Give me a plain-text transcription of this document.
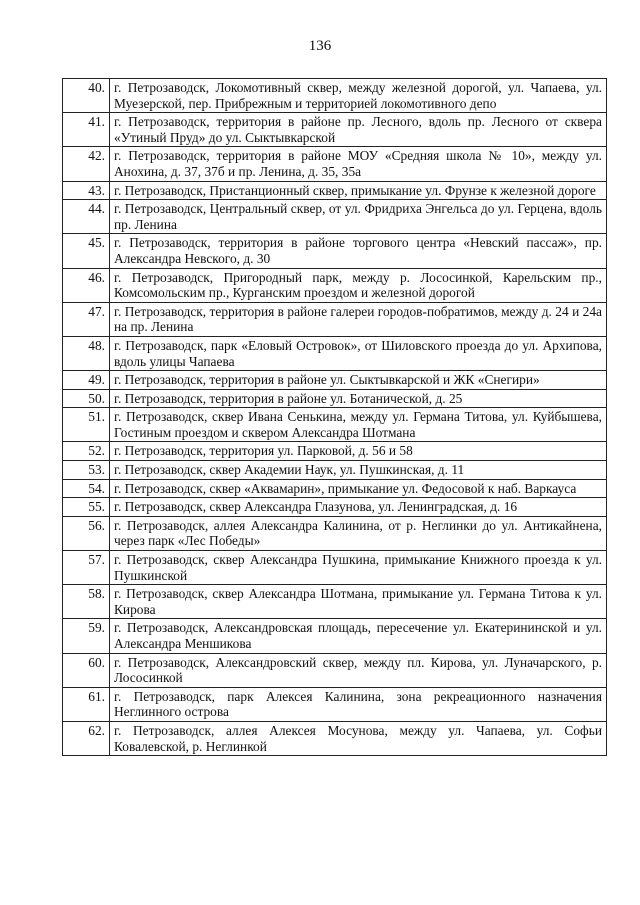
136
40.	г. Петрозаводск, Локомотивный сквер, между железной дорогой, ул. Чапаева, ул. Муезерской, пер. Прибрежным и территорией локомотивного депо
41.	г. Петрозаводск, территория в районе пр. Лесного, вдоль пр. Лесного от сквера «Утиный Пруд» до ул. Сыктывкарской
42.	г. Петрозаводск, территория в районе МОУ «Средняя школа № 10», между ул. Анохина, д. 37, 37б и пр. Ленина, д. 35, 35а
43.	г. Петрозаводск, Пристанционный сквер, примыкание ул. Фрунзе к железной дороге
44.	г. Петрозаводск, Центральный сквер, от ул. Фридриха Энгельса до ул. Герцена, вдоль пр. Ленина
45.	г. Петрозаводск, территория в районе торгового центра «Невский пассаж», пр. Александра Невского, д. 30
46.	г. Петрозаводск, Пригородный парк, между р. Лососинкой, Карельским пр., Комсомольским пр., Курганским проездом и железной дорогой
47.	г. Петрозаводск, территория в районе галереи городов-побратимов, между д. 24 и 24а на пр. Ленина
48.	г. Петрозаводск, парк «Еловый Островок», от Шиловского проезда до ул. Архипова, вдоль улицы Чапаева
49.	г. Петрозаводск, территория в районе ул. Сыктывкарской и ЖК «Снегири»
50.	г. Петрозаводск, территория в районе ул. Ботанической, д. 25
51.	г. Петрозаводск, сквер Ивана Сенькина, между ул. Германа Титова, ул. Куйбышева, Гостиным проездом и сквером Александра Шотмана
52.	г. Петрозаводск, территория ул. Парковой, д. 56 и 58
53.	г. Петрозаводск, сквер Академии Наук, ул. Пушкинская, д. 11
54.	г. Петрозаводск, сквер «Аквамарин», примыкание ул. Федосовой к наб. Варкауса
55.	г. Петрозаводск, сквер Александра Глазунова, ул. Ленинградская, д. 16
56.	г. Петрозаводск, аллея Александра Калинина, от р. Неглинки до ул. Антикайнена, через парк «Лес Победы»
57.	г. Петрозаводск, сквер Александра Пушкина, примыкание Книжного проезда к ул. Пушкинской
58.	г. Петрозаводск, сквер Александра Шотмана, примыкание ул. Германа Титова к ул. Кирова
59.	г. Петрозаводск, Александровская площадь, пересечение ул. Екатерининской и ул. Александра Меншикова
60.	г. Петрозаводск, Александровский сквер, между пл. Кирова, ул. Луначарского, р. Лососинкой
61.	г. Петрозаводск, парк Алексея Калинина, зона рекреационного назначения Неглинного острова
62.	г. Петрозаводск, аллея Алексея Мосунова, между ул. Чапаева, ул. Софьи Ковалевской, р. Неглинкой
